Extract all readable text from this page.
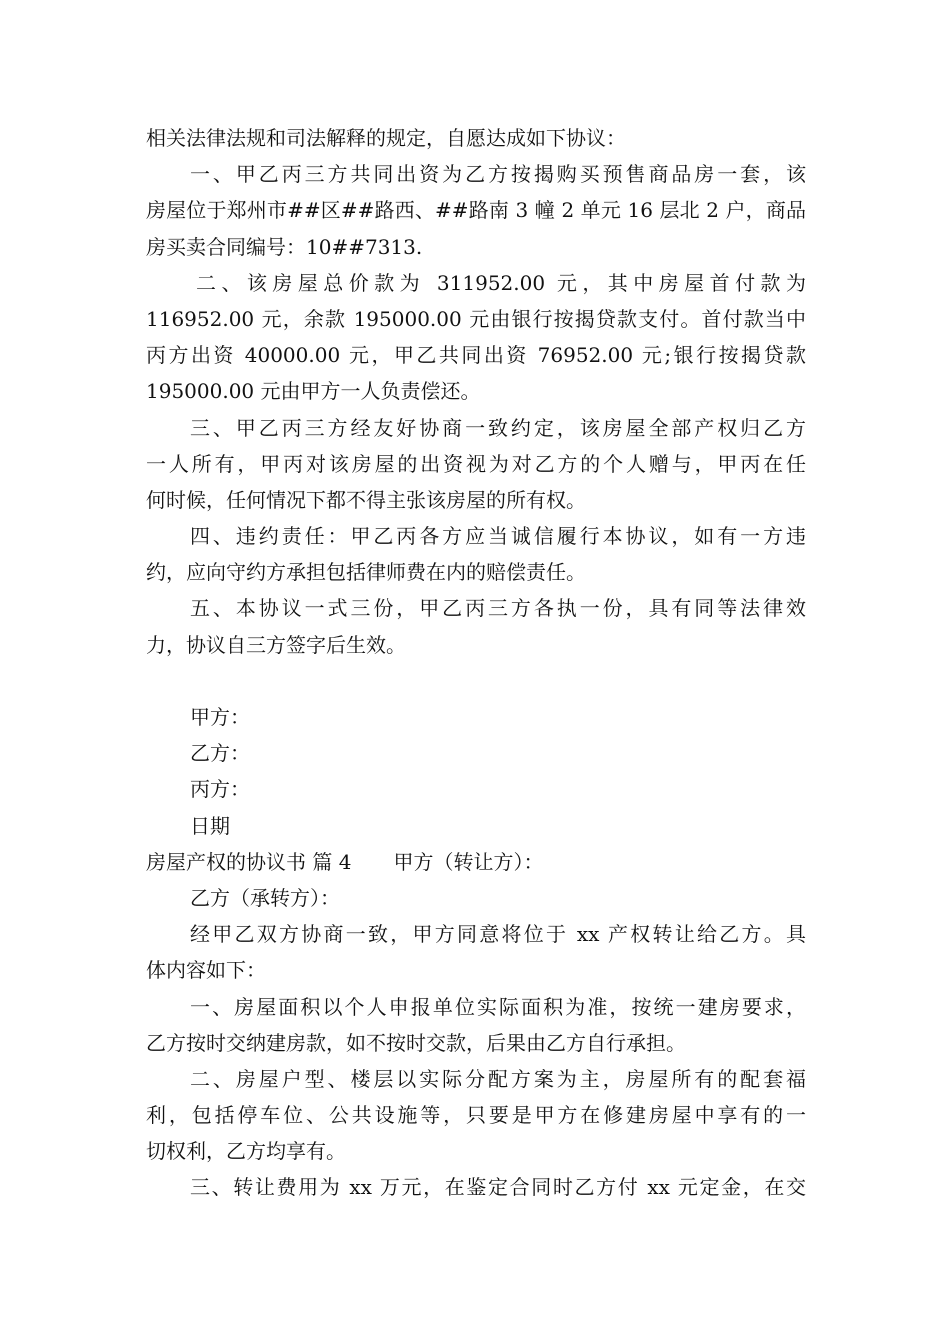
相关法律法规和司法解释的规定，自愿达成如下协议：
一、甲乙丙三方共同出资为乙方按揭购买预售商品房一套，该
房屋位于郑州市##区##路西、##路南 3 幢 2 单元 16 层北 2 户，商品
房买卖合同编号：10##7313.
二、该房屋总价款为 311952.00 元，其中房屋首付款为
116952.00 元，余款 195000.00 元由银行按揭贷款支付。首付款当中
丙方出资 40000.00 元，甲乙共同出资 76952.00 元;银行按揭贷款
195000.00 元由甲方一人负责偿还。
三、甲乙丙三方经友好协商一致约定，该房屋全部产权归乙方
一人所有，甲丙对该房屋的出资视为对乙方的个人赠与，甲丙在任
何时候，任何情况下都不得主张该房屋的所有权。
四、违约责任：甲乙丙各方应当诚信履行本协议，如有一方违
约，应向守约方承担包括律师费在内的赔偿责任。
五、本协议一式三份，甲乙丙三方各执一份，具有同等法律效
力，协议自三方签字后生效。
甲方：
乙方：
丙方：
日期
房屋产权的协议书 篇 4 甲方（转让方）：
乙方（承转方）：
经甲乙双方协商一致，甲方同意将位于 xx 产权转让给乙方。具
体内容如下：
一、房屋面积以个人申报单位实际面积为准，按统一建房要求，
乙方按时交纳建房款，如不按时交款，后果由乙方自行承担。
二、房屋户型、楼层以实际分配方案为主，房屋所有的配套福
利，包括停车位、公共设施等，只要是甲方在修建房屋中享有的一
切权利，乙方均享有。
三、转让费用为 xx 万元，在鉴定合同时乙方付 xx 元定金，在交
